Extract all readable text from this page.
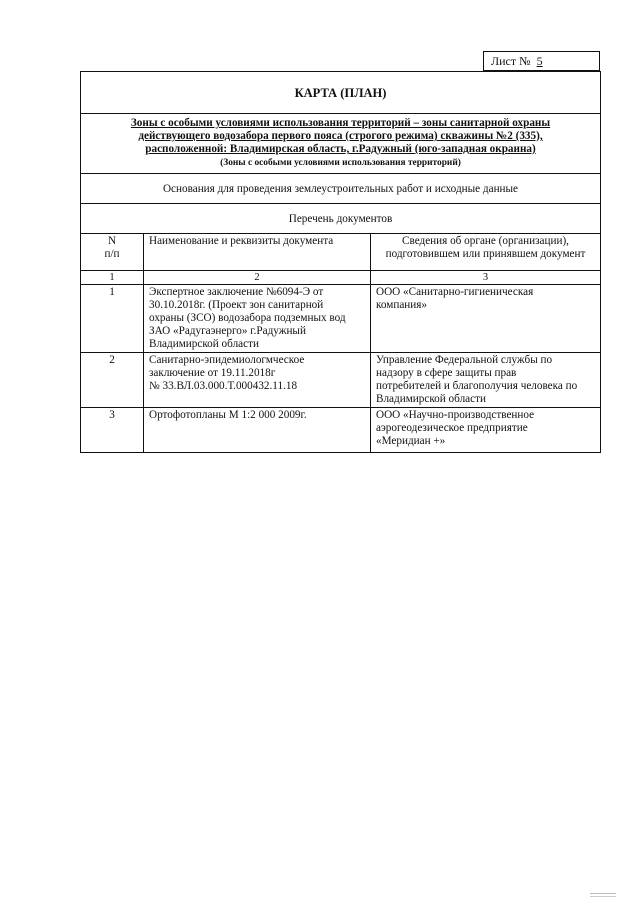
Лист № 5
КАРТА (ПЛАН)
Зоны с особыми условиями использования территорий – зоны санитарной охраны
действующего водозабора первого пояса (строгого режима) скважины №2 (335),
расположенной: Владимирская область, г.Радужный (юго-западная окраина)
(Зоны с особыми условиями использования территорий)
Основания для проведения землеустроительных работ и исходные данные
Перечень документов
N
п/п	Наименование и реквизиты документа	Сведения об органе (организации),
подготовившем или принявшем документ
1	2	3
1	Экспертное заключение №6094-Э от
30.10.2018г. (Проект зон санитарной
охраны (ЗСО) водозабора подземных вод
ЗАО «Радугаэнерго» г.Радужный
Владимирской области	ООО «Санитарно-гигиеническая
компания»
2	Санитарно-эпидемиологмческое
заключение от 19.11.2018г
№ 33.ВЛ.03.000.Т.000432.11.18	Управление Федеральной службы по
надзору в сфере защиты прав
потребителей и благополучия человека по
Владимирской области
3	Ортофотопланы М 1:2 000 2009г.	ООО «Научно-производственное
аэрогеодезическое предприятие
«Меридиан +»
